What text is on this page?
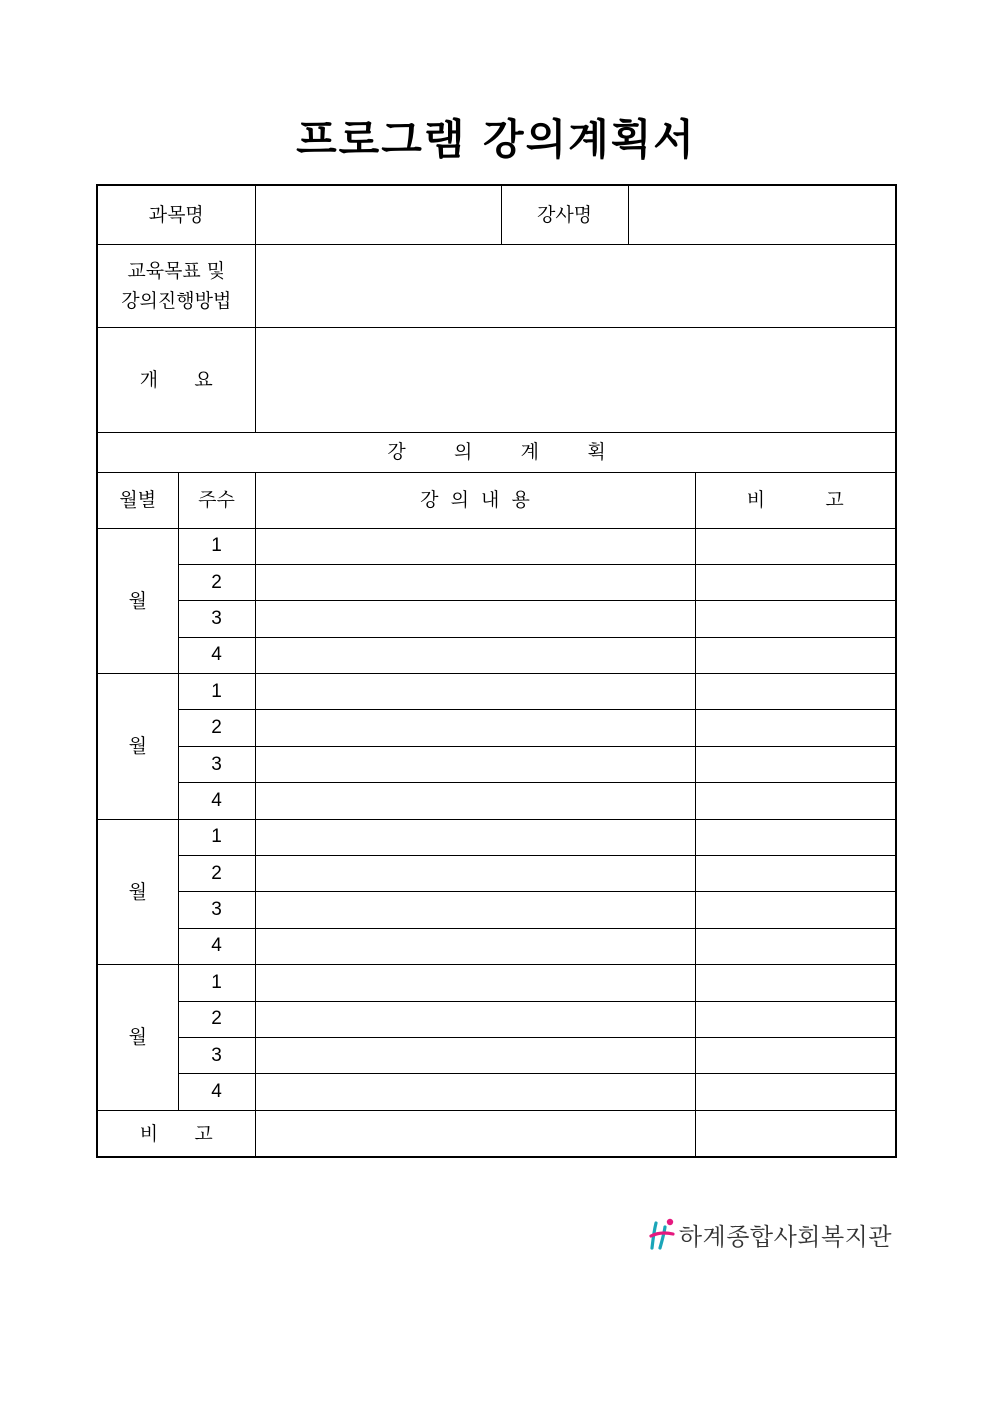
프로그램 강의계획서
과목명			강사명		

교육목표 및
강의진행방법					

개      요					
강        의        계        획					
월별	주수	강  의  내  용			비          고
월	1				
	2				
	3				
	4				
월	1				
	2				
	3				
	4				
월	1				
	2				
	3				
	4				
월	1				
	2				
	3				
	4				
비      고					
하계종합사회복지관
